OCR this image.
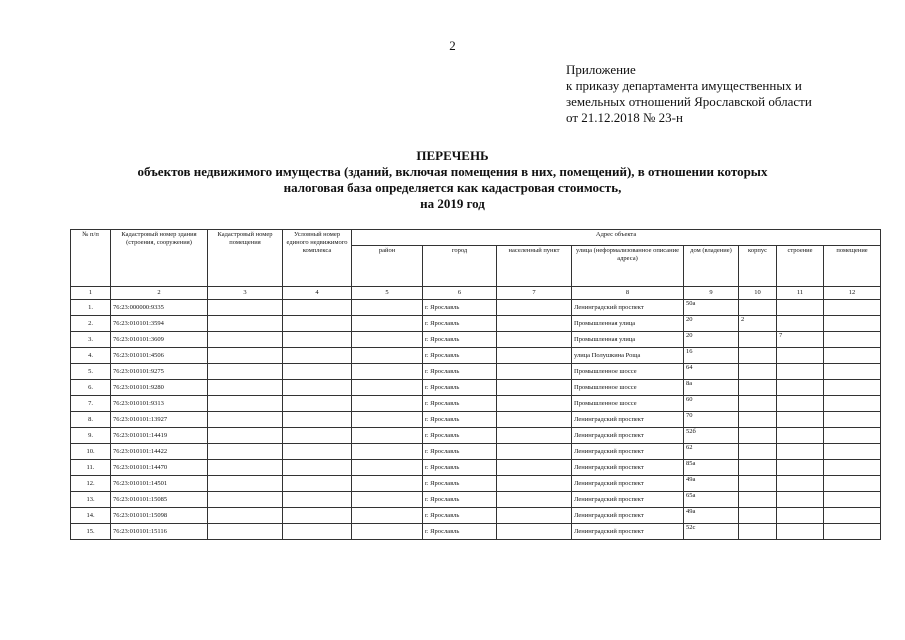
2
Приложение
к приказу департамента имущественных и
земельных отношений Ярославской области
от 21.12.2018 № 23-н
ПЕРЕЧЕНЬ
объектов недвижимого имущества (зданий, включая помещения в них, помещений), в отношении которых
налоговая база определяется как кадастровая стоимость,
на 2019 год
№ п/п	Кадастровый номер здания (строения, сооружения)	Кадастровый номер помещения	Условный номер единого недвижимого комплекса	Адрес объекта							
				район	город	населенный пункт	улица (неформализованное описание адреса)	дом (владение)	корпус	строение	помещение
1	2	3	4	5	6	7	8	9	10	11	12
1.	76:23:000000:9335				г. Ярославль		Ленинградский проспект	50а			
2.	76:23:010101:3594				г. Ярославль		Промышленная улица	20	2		
3.	76:23:010101:3609				г. Ярославль		Промышленная улица	20		7	
4.	76:23:010101:4506				г. Ярославль		улица Полушкина Роща	16			
5.	76:23:010101:9275				г. Ярославль		Промышленное шоссе	64			
6.	76:23:010101:9280				г. Ярославль		Промышленное шоссе	8а			
7.	76:23:010101:9313				г. Ярославль		Промышленное шоссе	60			
8.	76:23:010101:13927				г. Ярославль		Ленинградский проспект	70			
9.	76:23:010101:14419				г. Ярославль		Ленинградский проспект	52б			
10.	76:23:010101:14422				г. Ярославль		Ленинградский проспект	62			
11.	76:23:010101:14470				г. Ярославль		Ленинградский проспект	85а			
12.	76:23:010101:14501				г. Ярославль		Ленинградский проспект	49а			
13.	76:23:010101:15085				г. Ярославль		Ленинградский проспект	65а			
14.	76:23:010101:15098				г. Ярославль		Ленинградский проспект	49а			
15.	76:23:010101:15116				г. Ярославль		Ленинградский проспект	52с			
